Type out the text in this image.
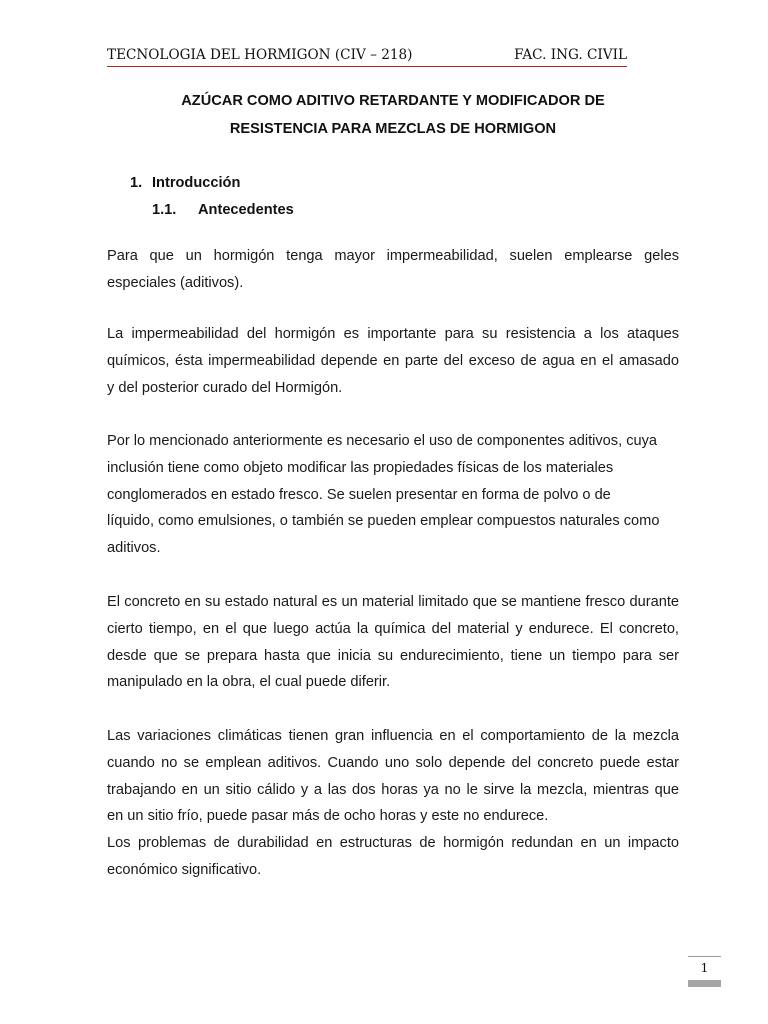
TECNOLOGIA DEL HORMIGON (CIV – 218)	FAC. ING. CIVIL
AZÚCAR COMO ADITIVO RETARDANTE Y MODIFICADOR DE
RESISTENCIA PARA MEZCLAS DE HORMIGON
1. Introducción
1.1. Antecedentes
Para que un hormigón tenga mayor impermeabilidad, suelen emplearse geles
especiales (aditivos).
La impermeabilidad del hormigón es importante para su resistencia a los ataques
químicos, ésta impermeabilidad depende en parte del exceso de agua en el amasado
y del posterior curado del Hormigón.
Por lo mencionado anteriormente es necesario el uso de componentes aditivos, cuya
inclusión tiene como objeto modificar las propiedades físicas de los materiales
conglomerados en estado fresco. Se suelen presentar en forma de polvo o de
líquido, como emulsiones, o también se pueden emplear compuestos naturales como
aditivos.
El concreto en su estado natural es un material limitado que se mantiene fresco durante
cierto tiempo, en el que luego actúa la química del material y endurece. El concreto,
desde que se prepara hasta que inicia su endurecimiento, tiene un tiempo para ser
manipulado en la obra, el cual puede diferir.
Las variaciones climáticas tienen gran influencia en el comportamiento de la mezcla
cuando no se emplean aditivos. Cuando uno solo depende del concreto puede estar
trabajando en un sitio cálido y a las dos horas ya no le sirve la mezcla, mientras que
en un sitio frío, puede pasar más de ocho horas y este no endurece.
Los problemas de durabilidad en estructuras de hormigón redundan en un impacto
económico significativo.
1
